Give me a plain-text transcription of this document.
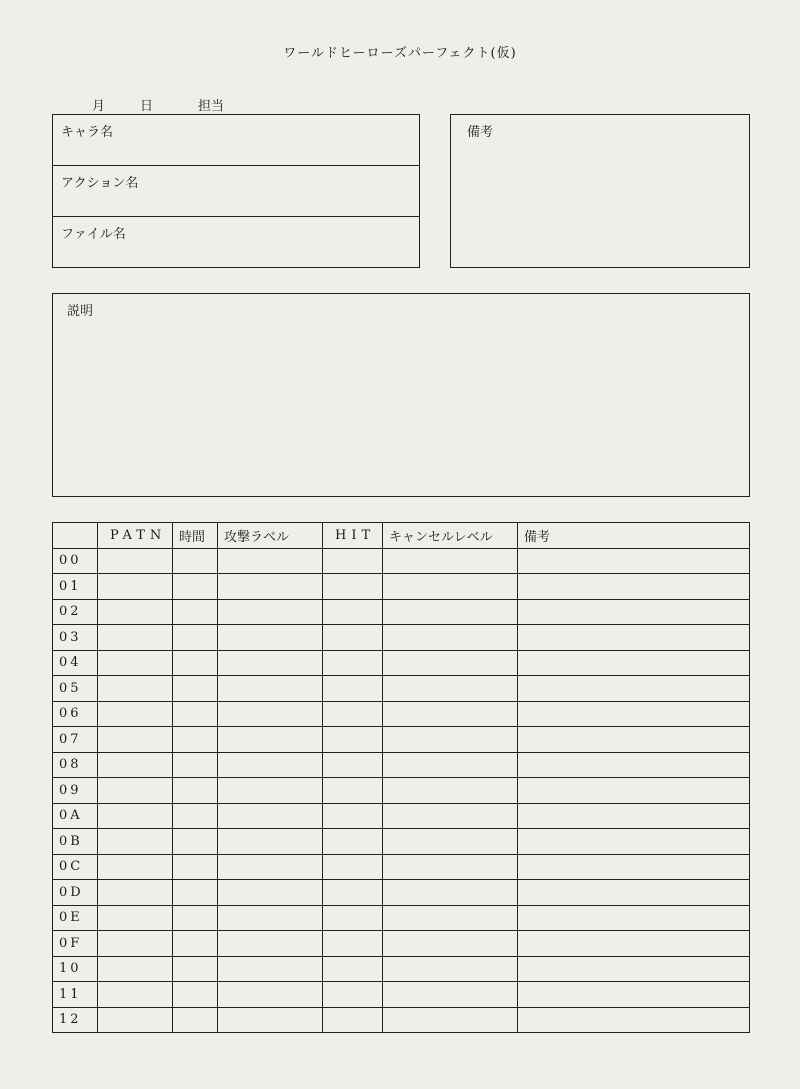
ワールドヒーローズパーフェクト(仮)
月	日	担当
キャラ名
アクション名
ファイル名
備考
説明
	PATN	時間	攻撃ラベル	HIT	キャンセルレベル	備考
00						
01						
02						
03						
04						
05						
06						
07						
08						
09						
0A						
0B						
0C						
0D						
0E						
0F						
10						
11						
12						
